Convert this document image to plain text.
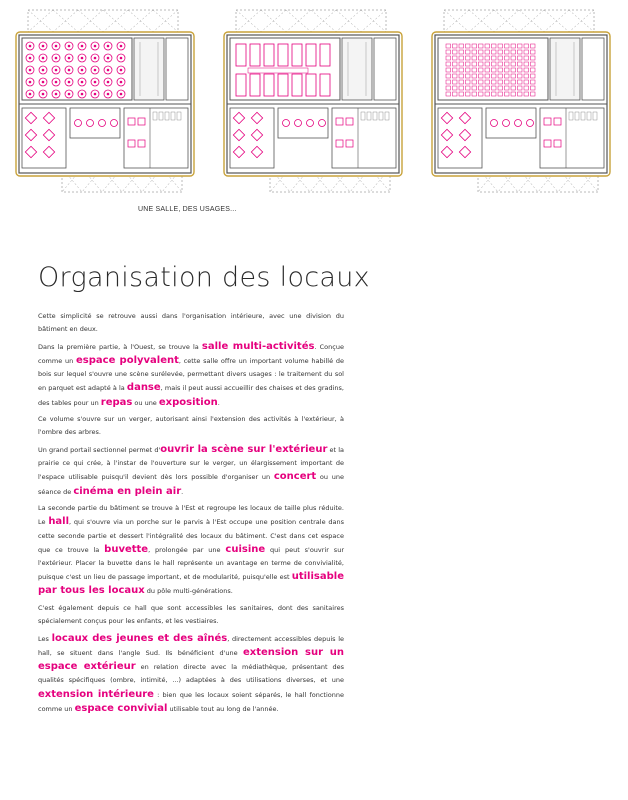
UNE SALLE, DES USAGES...
Organisation des locaux

Cette simplicité se retrouve aussi dans l'organisation intérieure, avec une division du bâtiment en deux.

Dans la première partie, à l'Ouest, se trouve la salle multi-activités. Conçue comme un espace polyvalent, cette salle offre un important volume habillé de bois sur lequel s'ouvre une scène surélevée, permettant divers usages : le traitement du sol en parquet est adapté à la danse, mais il peut aussi accueillir des chaises et des gradins, des tables pour un repas ou une exposition.

Ce volume s'ouvre sur un verger, autorisant ainsi l'extension des activités à l'extérieur, à l'ombre des arbres.

Un grand portail sectionnel permet d'ouvrir la scène sur l'extérieur et la prairie ce qui crée, à l'instar de l'ouverture sur le verger, un élargissement important de l'espace utilisable puisqu'il devient dès lors possible d'organiser un concert ou une séance de cinéma en plein air.

La seconde partie du bâtiment se trouve à l'Est et regroupe les locaux de taille plus réduite. Le hall, qui s'ouvre via un porche sur le parvis à l'Est occupe une position centrale dans cette seconde partie et dessert l'intégralité des locaux du bâtiment. C'est dans cet espace que ce trouve la buvette, prolongée par une cuisine qui peut s'ouvrir sur l'extérieur. Placer la buvette dans le hall représente un avantage en terme de convivialité, puisque c'est un lieu de passage important, et de modularité, puisqu'elle est utilisable par tous les locaux du pôle multi-générations.

C'est également depuis ce hall que sont accessibles les sanitaires, dont des sanitaires spécialement conçus pour les enfants, et les vestiaires.

Les locaux des jeunes et des aînés, directement accessibles depuis le hall, se situent dans l'angle Sud. Ils bénéficient d'une extension sur un espace extérieur en relation directe avec la médiathèque, présentant des qualités spécifiques (ombre, intimité, ...) adaptées à des utilisations diverses, et une extension intérieure : bien que les locaux soient séparés, le hall fonctionne comme un espace convivial utilisable tout au long de l'année.
